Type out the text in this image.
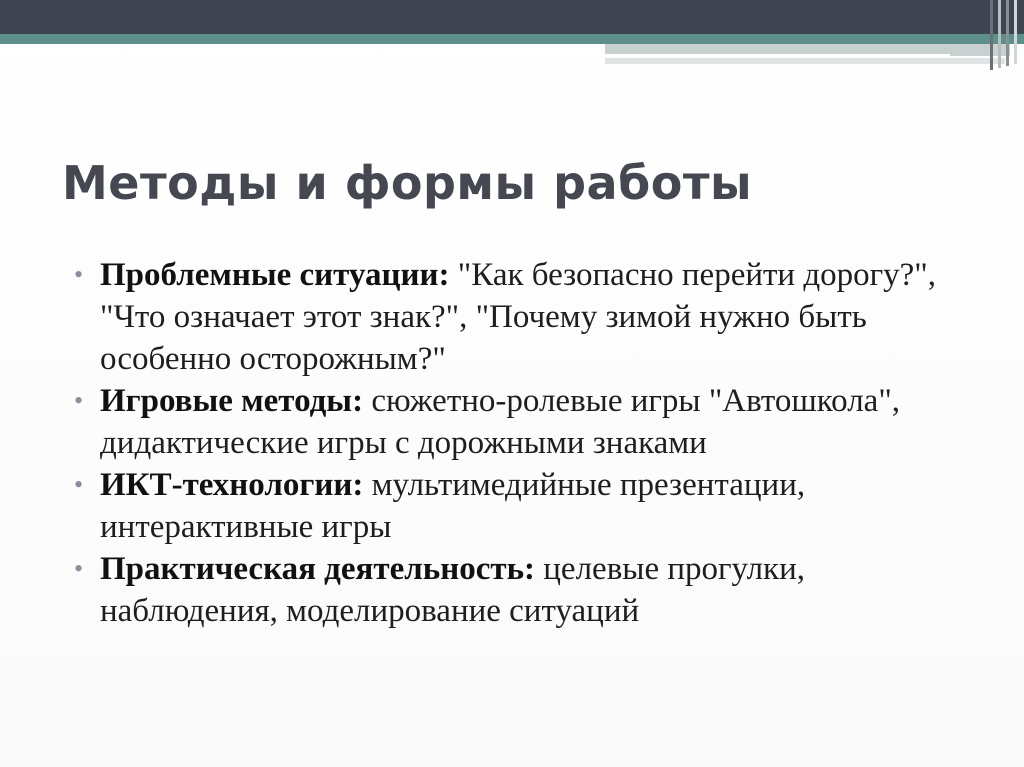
Методы и формы работы
• Проблемные ситуации: "Как безопасно перейти дорогу?", "Что означает этот знак?", "Почему зимой нужно быть особенно осторожным?"
• Игровые методы: сюжетно-ролевые игры "Автошкола", дидактические игры с дорожными знаками
• ИКТ-технологии: мультимедийные презентации, интерактивные игры
• Практическая деятельность: целевые прогулки, наблюдения, моделирование ситуаций
